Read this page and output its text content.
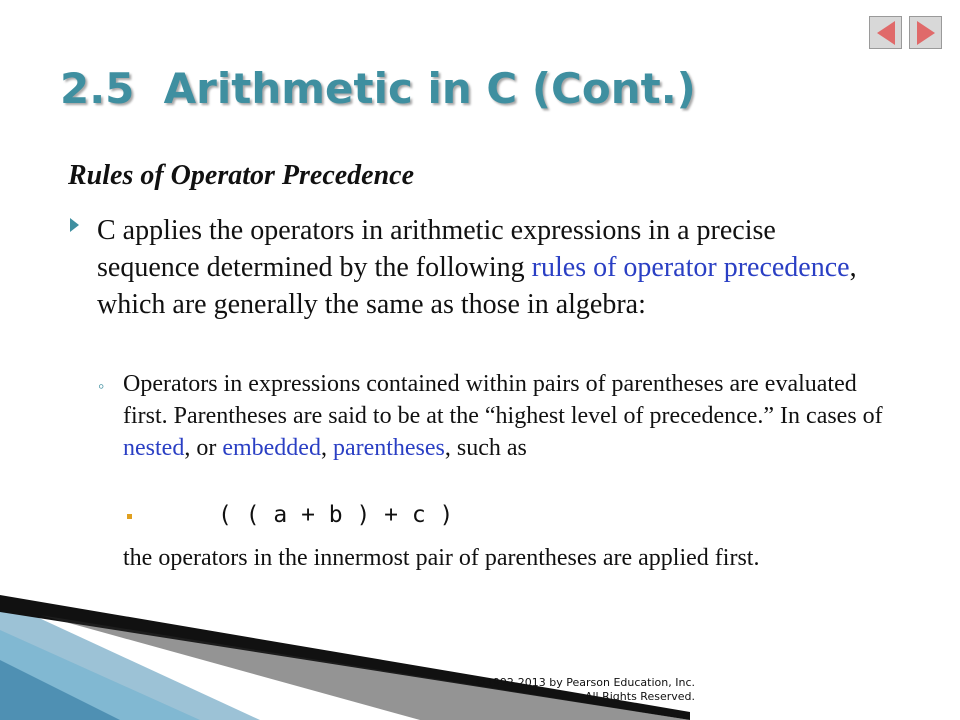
2.5  Arithmetic in C (Cont.)

Rules of Operator Precedence

C applies the operators in arithmetic expressions in a precise sequence determined by the following rules of operator precedence, which are generally the same as those in algebra:

◦ Operators in expressions contained within pairs of parentheses are evaluated first. Parentheses are said to be at the “highest level of precedence.” In cases of nested, or embedded, parentheses, such as

( ( a + b ) + c )

the operators in the innermost pair of parentheses are applied first.

©1992-2013 by Pearson Education, Inc.
All Rights Reserved.
